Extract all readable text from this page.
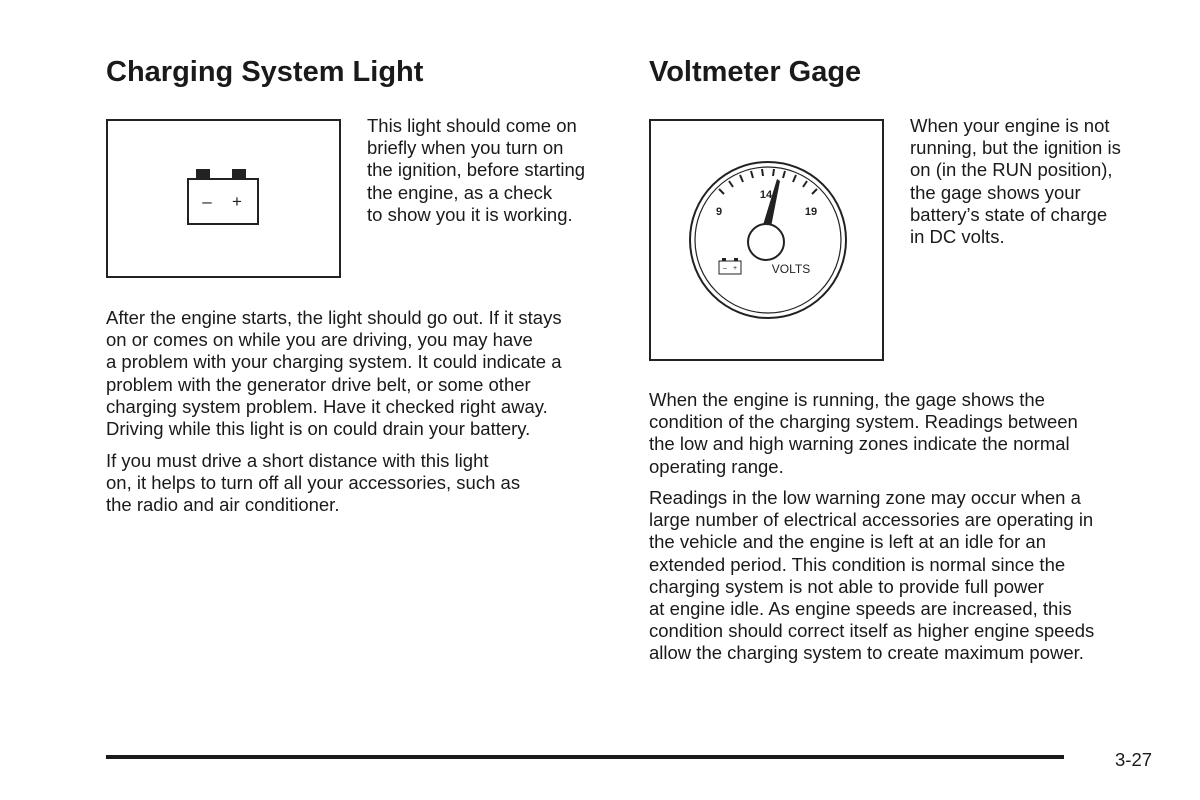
Charging System Light
– +
This light should come on
briefly when you turn on
the ignition, before starting
the engine, as a check
to show you it is working.

After the engine starts, the light should go out. If it stays
on or comes on while you are driving, you may have
a problem with your charging system. It could indicate a
problem with the generator drive belt, or some other
charging system problem. Have it checked right away.
Driving while this light is on could drain your battery.

If you must drive a short distance with this light
on, it helps to turn off all your accessories, such as
the radio and air conditioner.

Voltmeter Gage
9
14
19
– +	VOLTS
When your engine is not
running, but the ignition is
on (in the RUN position),
the gage shows your
battery’s state of charge
in DC volts.

When the engine is running, the gage shows the
condition of the charging system. Readings between
the low and high warning zones indicate the normal
operating range.

Readings in the low warning zone may occur when a
large number of electrical accessories are operating in
the vehicle and the engine is left at an idle for an
extended period. This condition is normal since the
charging system is not able to provide full power
at engine idle. As engine speeds are increased, this
condition should correct itself as higher engine speeds
allow the charging system to create maximum power.

3-27
